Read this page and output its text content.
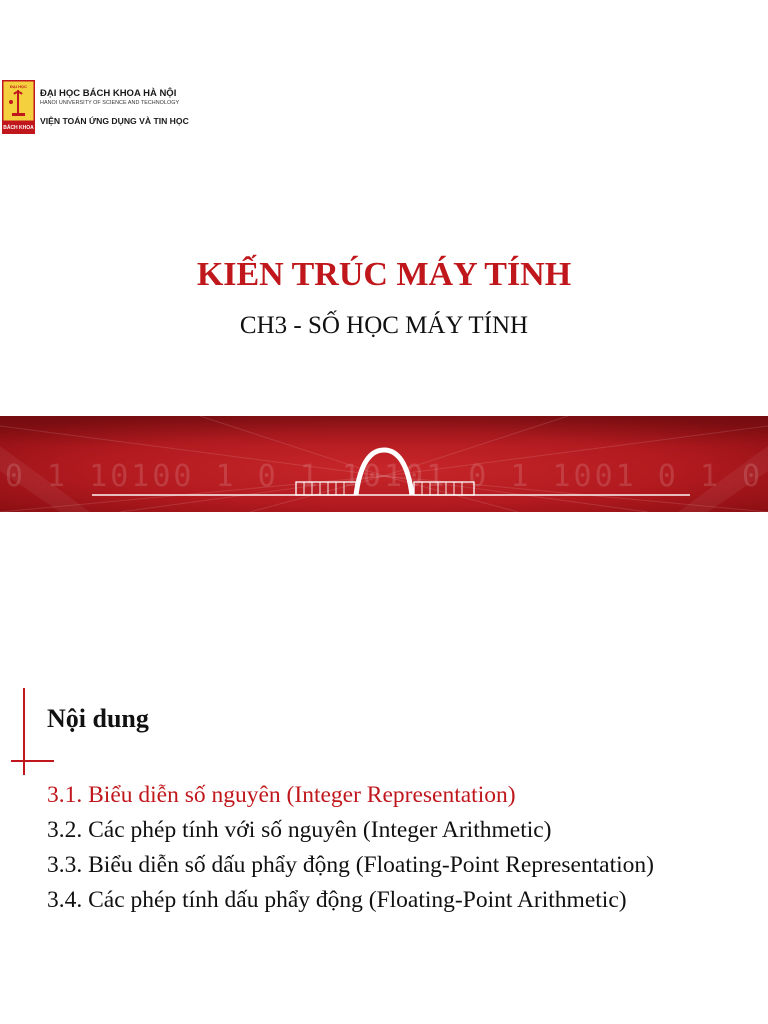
ĐẠI HỌC
BÁCH KHOA
ĐẠI HỌC BÁCH KHOA HÀ NỘI
HANOI UNIVERSITY OF SCIENCE AND TECHNOLOGY
VIỆN TOÁN ỨNG DỤNG VÀ TIN HỌC
KIẾN TRÚC MÁY TÍNH
CH3 - SỐ HỌC MÁY TÍNH
0 1 10100 1 0 1 10101 0 1 1001 0 1 0
Nội dung
3.1. Biểu diễn số nguyên (Integer Representation)
3.2. Các phép tính với số nguyên (Integer Arithmetic)
3.3. Biểu diễn số dấu phẩy động (Floating-Point Representation)
3.4. Các phép tính dấu phẩy động (Floating-Point Arithmetic)
